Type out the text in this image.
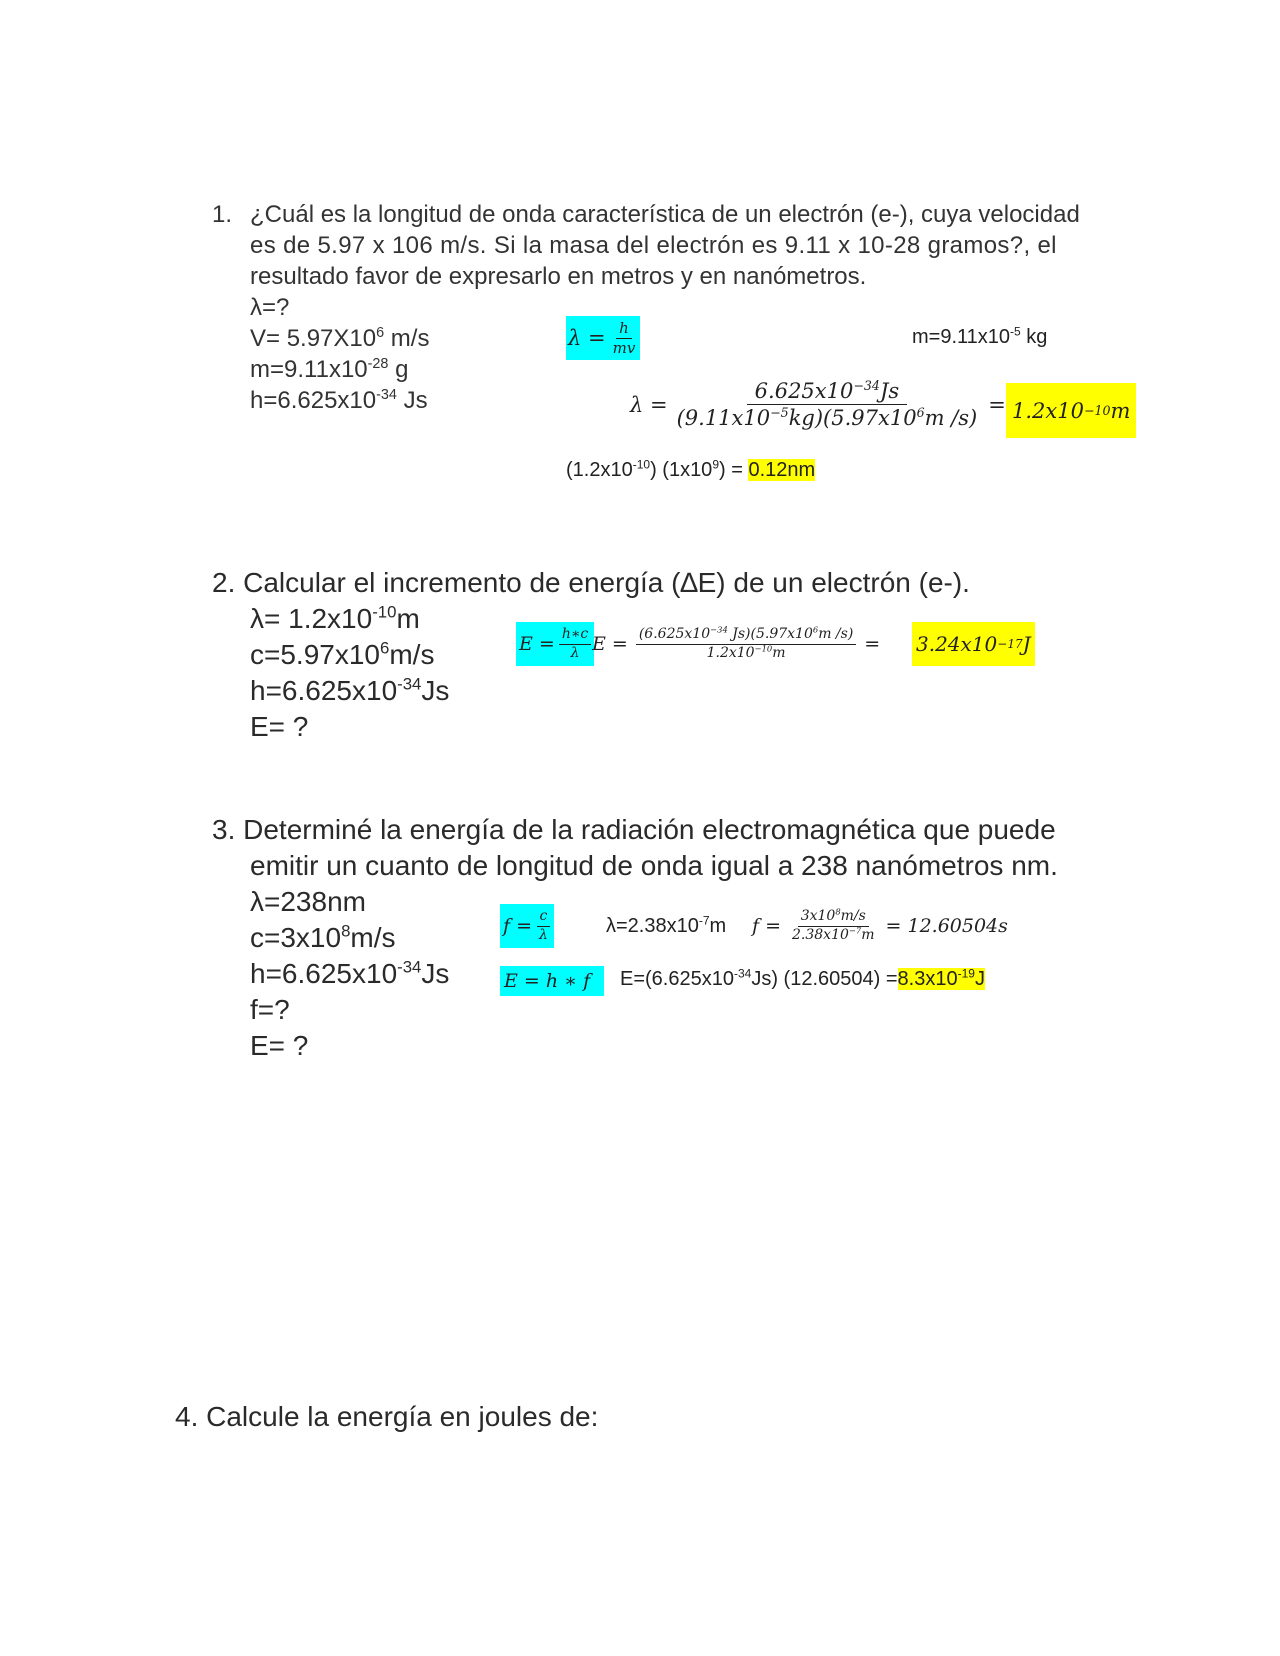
1. ¿Cuál es la longitud de onda característica de un electrón (e-), cuya velocidad
es de 5.97 x 106 m/s. Si la masa del electrón es 9.11 x 10-28 gramos?, el
resultado favor de expresarlo en metros y en nanómetros.
λ=?
$V= 5.97X10^6$ m/s
$m=9.11x10^{-28}$ g
$h=6.625x10^{-34}$ Js
$\lambda = \frac{h}{mv}$	$m=9.11x10^{-5}$ kg
$\lambda = \frac{6.625x10^{-34}Js}{(9.11x10^{-5}kg)(5.97x10^6m /s)} = 1.2x10 -10$ m
$(1.2x10^{-10}) (1x10^9) = 0.12nm$
2. Calcular el incremento de energía (∆E) de un electrón (e-).
$\lambda= 1.2x10^{-10}m$
$c=5.97x10^6m/s$
$h=6.625x10^{-34}Js$
E= ?
$E = \frac{h∗c}{\lambda}$ $E = \frac{(6.625x10^{-34} Js)(5.97x10^6m /s)}{1.2x10^{-10}m} = 3.24x10 -17$ J
3. Determiné la energía de la radiación electromagnética que puede
emitir un cuanto de longitud de onda igual a 238 nanómetros nm.
λ=238nm
$c=3x10^8m/s$
$h=6.625x10^{-34}Js$
f=?
E= ?
$f = \frac{c}{\lambda}$	$\lambda=2.38x10^{-7}m$ $f = \frac{3x10^8m/s}{2.38x10^{-7}m} = 12.60504s$
E = h ∗ f	$E=(6.625x10^{-34}Js)$ $(12.60504) =8.3x10^{-19}J$
4. Calcule la energía en joules de:
